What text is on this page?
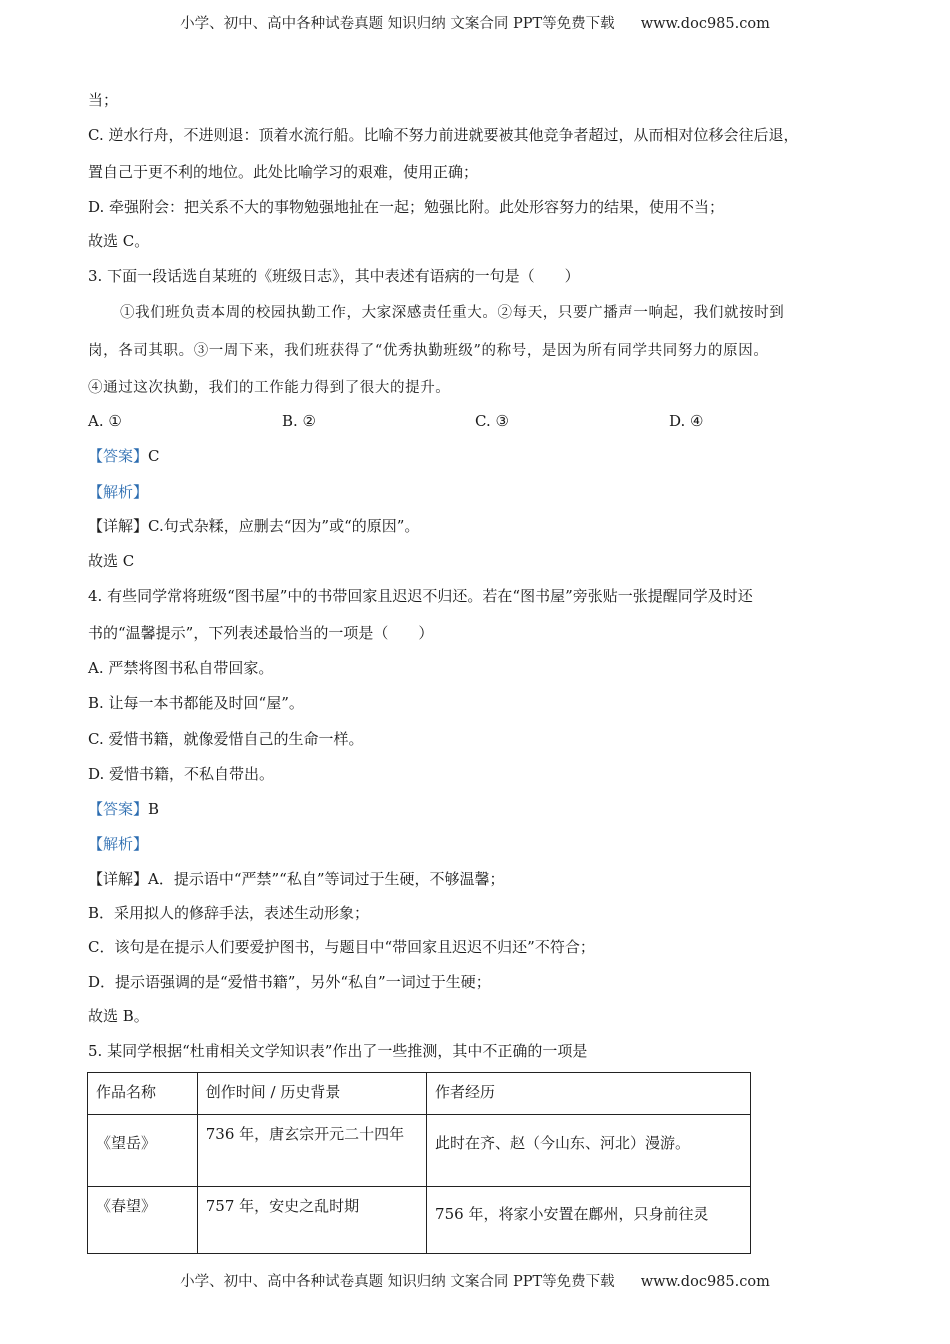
小学、初中、高中各种试卷真题 知识归纳 文案合同 PPT等免费下载 www.doc985.com
当；
C. 逆水行舟，不进则退：顶着水流行船。比喻不努力前进就要被其他竞争者超过，从而相对位移会往后退，
置自己于更不利的地位。此处比喻学习的艰难，使用正确；
D. 牵强附会：把关系不大的事物勉强地扯在一起；勉强比附。此处形容努力的结果，使用不当；
故选 C。
3. 下面一段话选自某班的《班级日志》，其中表述有语病的一句是（　　）
①我们班负责本周的校园执勤工作，大家深感责任重大。②每天，只要广播声一响起，我们就按时到
岗，各司其职。③一周下来，我们班获得了“优秀执勤班级”的称号，是因为所有同学共同努力的原因。
④通过这次执勤，我们的工作能力得到了很大的提升。
A. ①	B. ②	C. ③	D. ④
【答案】C
【解析】
【详解】C.句式杂糅，应删去“因为”或“的原因”。
故选 C
4. 有些同学常将班级“图书屋”中的书带回家且迟迟不归还。若在“图书屋”旁张贴一张提醒同学及时还
书的“温馨提示”，下列表述最恰当的一项是（　　）
A. 严禁将图书私自带回家。
B. 让每一本书都能及时回“屋”。
C. 爱惜书籍，就像爱惜自己的生命一样。
D. 爱惜书籍，不私自带出。
【答案】B
【解析】
【详解】A．提示语中“严禁”“私自”等词过于生硬，不够温馨；
B．采用拟人的修辞手法，表述生动形象；
C．该句是在提示人们要爱护图书，与题目中“带回家且迟迟不归还”不符合；
D．提示语强调的是“爱惜书籍”，另外“私自”一词过于生硬；
故选 B。
5. 某同学根据“杜甫相关文学知识表”作出了一些推测，其中不正确的一项是
作品名称	创作时间 / 历史背景	作者经历
《望岳》	736 年，唐玄宗开元二十四年	此时在齐、赵（今山东、河北）漫游。
《春望》	757 年，安史之乱时期	756 年，将家小安置在鄜州，只身前往灵
小学、初中、高中各种试卷真题 知识归纳 文案合同 PPT等免费下载 www.doc985.com
